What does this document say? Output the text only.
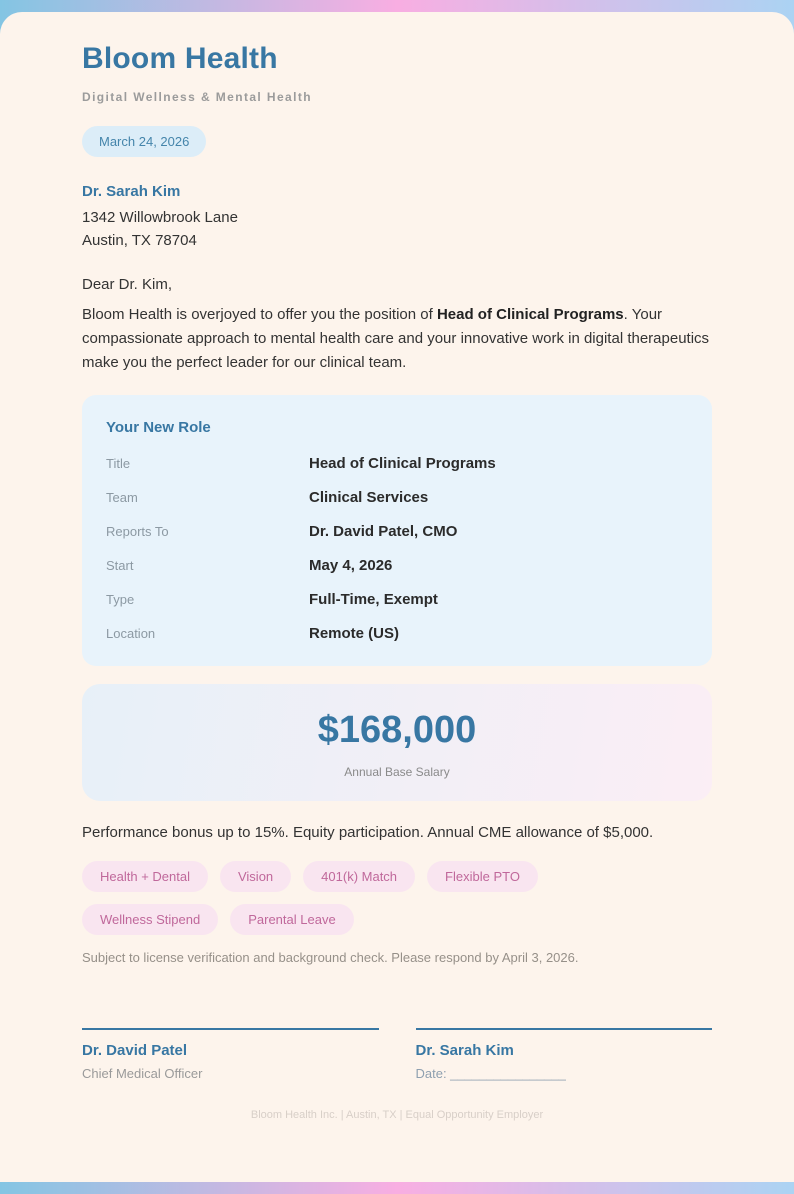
Bloom Health
Digital Wellness & Mental Health
March 24, 2026
Dr. Sarah Kim
1342 Willowbrook Lane
Austin, TX 78704
Dear Dr. Kim,

Bloom Health is overjoyed to offer you the position of Head of Clinical Programs. Your compassionate approach to mental health care and your innovative work in digital therapeutics make you the perfect leader for our clinical team.

Your New Role
Title	Head of Clinical Programs
Team	Clinical Services
Reports To	Dr. David Patel, CMO
Start	May 4, 2026
Type	Full-Time, Exempt
Location	Remote (US)
$168,000
Annual Base Salary

Performance bonus up to 15%. Equity participation. Annual CME allowance of $5,000.

Health + Dental	Vision	401(k) Match	Flexible PTO
Wellness Stipend	Parental Leave

Subject to license verification and background check. Please respond by April 3, 2026.

Dr. David Patel
Chief Medical Officer
Dr. Sarah Kim
Date: ________________
Bloom Health Inc. | Austin, TX | Equal Opportunity Employer
